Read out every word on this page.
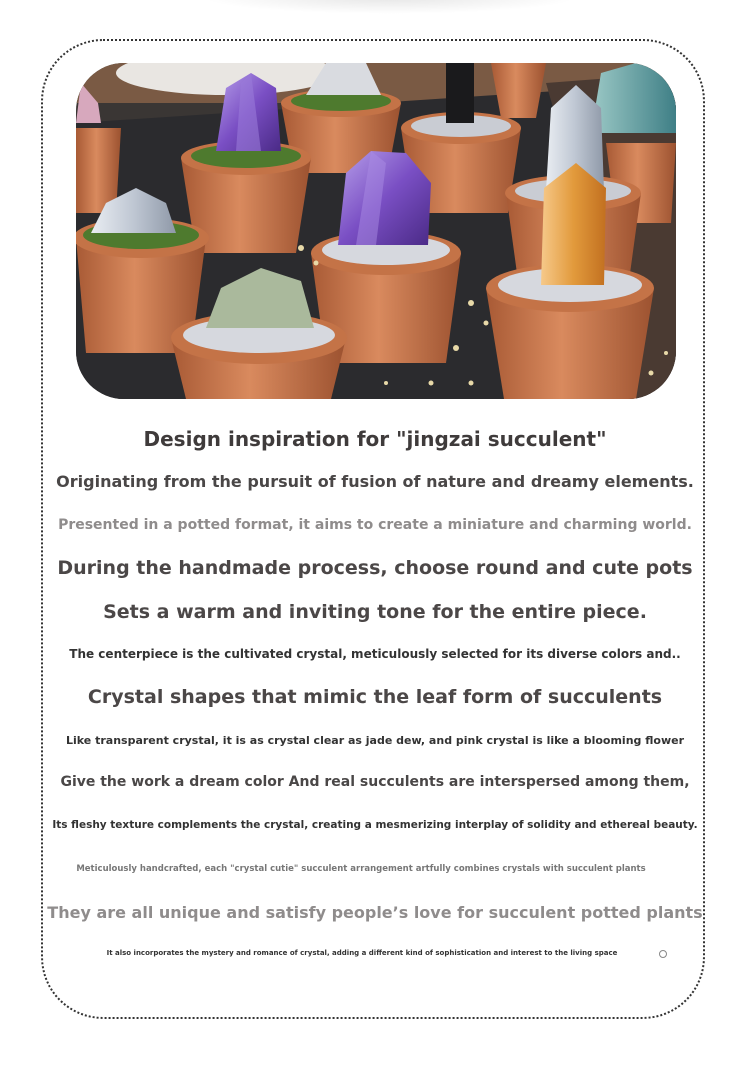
Design inspiration for "jingzai succulent"

Originating from the pursuit of fusion of nature and dreamy elements.

Presented in a potted format, it aims to create a miniature and charming world.

During the handmade process, choose round and cute pots

Sets a warm and inviting tone for the entire piece.

The centerpiece is the cultivated crystal, meticulously selected for its diverse colors and..

Crystal shapes that mimic the leaf form of succulents

Like transparent crystal, it is as crystal clear as jade dew, and pink crystal is like a blooming flower

Give the work a dream color And real succulents are interspersed among them,

Its fleshy texture complements the crystal, creating a mesmerizing interplay of solidity and ethereal beauty.

Meticulously handcrafted, each "crystal cutie" succulent arrangement artfully combines crystals with succulent plants

They are all unique and satisfy people’s love for succulent potted plants

It also incorporates the mystery and romance of crystal, adding a different kind of sophistication and interest to the living space
